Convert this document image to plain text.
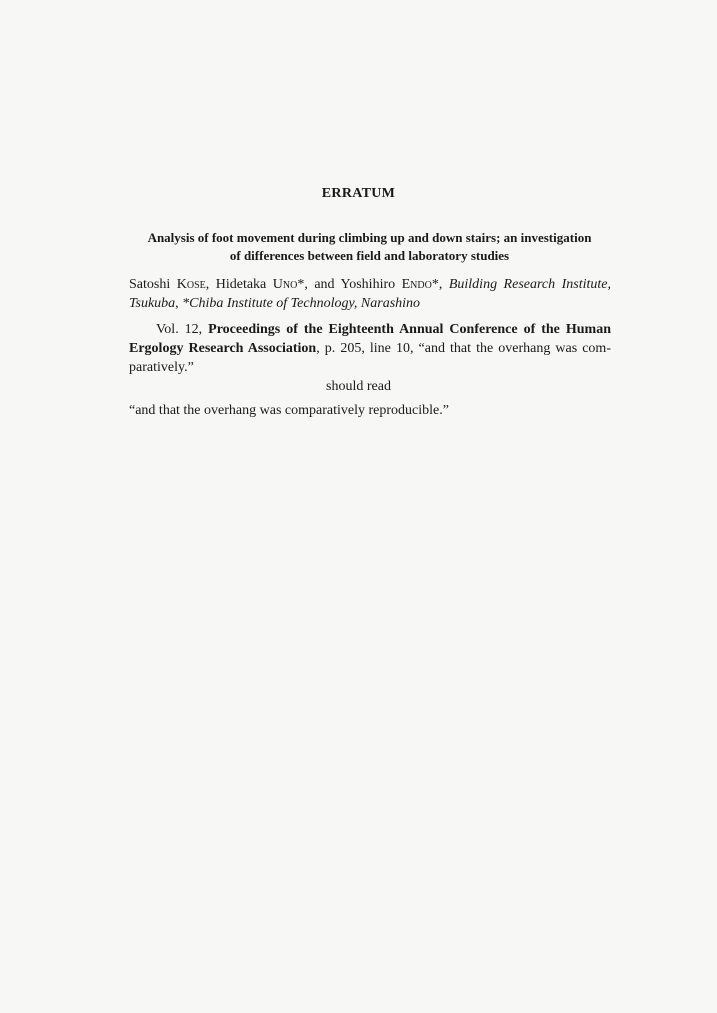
ERRATUM
Analysis of foot movement during climbing up and down stairs; an investigation
of differences between field and laboratory studies
Satoshi Kose, Hidetaka Uno*, and Yoshihiro Endo*, Building Research Institute,
Tsukuba, *Chiba Institute of Technology, Narashino
Vol. 12, Proceedings of the Eighteenth Annual Conference of the Human
Ergology Research Association, p. 205, line 10, “and that the overhang was com-
paratively.”
should read
“and that the overhang was comparatively reproducible.”
